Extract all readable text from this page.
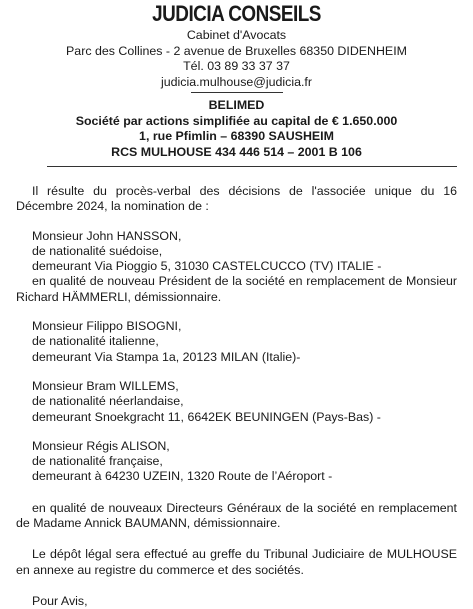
JUDICIA CONSEILS
Cabinet d'Avocats
Parc des Collines - 2 avenue de Bruxelles 68350 DIDENHEIM
Tél. 03 89 33 37 37
judicia.mulhouse@judicia.fr
BELIMED
Société par actions simplifiée au capital de € 1.650.000
1, rue Pfimlin – 68390 SAUSHEIM
RCS MULHOUSE 434 446 514 – 2001 B 106

Il résulte du procès-verbal des décisions de l'associée unique du 16 Décembre 2024, la nomination de :

Monsieur John HANSSON,

de nationalité suédoise,

demeurant Via Pioggio 5, 31030 CASTELCUCCO (TV) ITALIE -

en qualité de nouveau Président de la société en remplacement de Monsieur Richard HÄMMERLI, démissionnaire.

Monsieur Filippo BISOGNI,

de nationalité italienne,

demeurant Via Stampa 1a, 20123 MILAN (Italie)-

Monsieur Bram WILLEMS,

de nationalité néerlandaise,

demeurant Snoekgracht 11, 6642EK BEUNINGEN (Pays-Bas) -

Monsieur Régis ALISON,

de nationalité française,

demeurant à 64230 UZEIN, 1320 Route de l’Aéroport -

en qualité de nouveaux Directeurs Généraux de la société en remplacement de Madame Annick BAUMANN, démissionnaire.

Le dépôt légal sera effectué au greffe du Tribunal Judiciaire de MULHOUSE en annexe au registre du commerce et des sociétés.

Pour Avis,
